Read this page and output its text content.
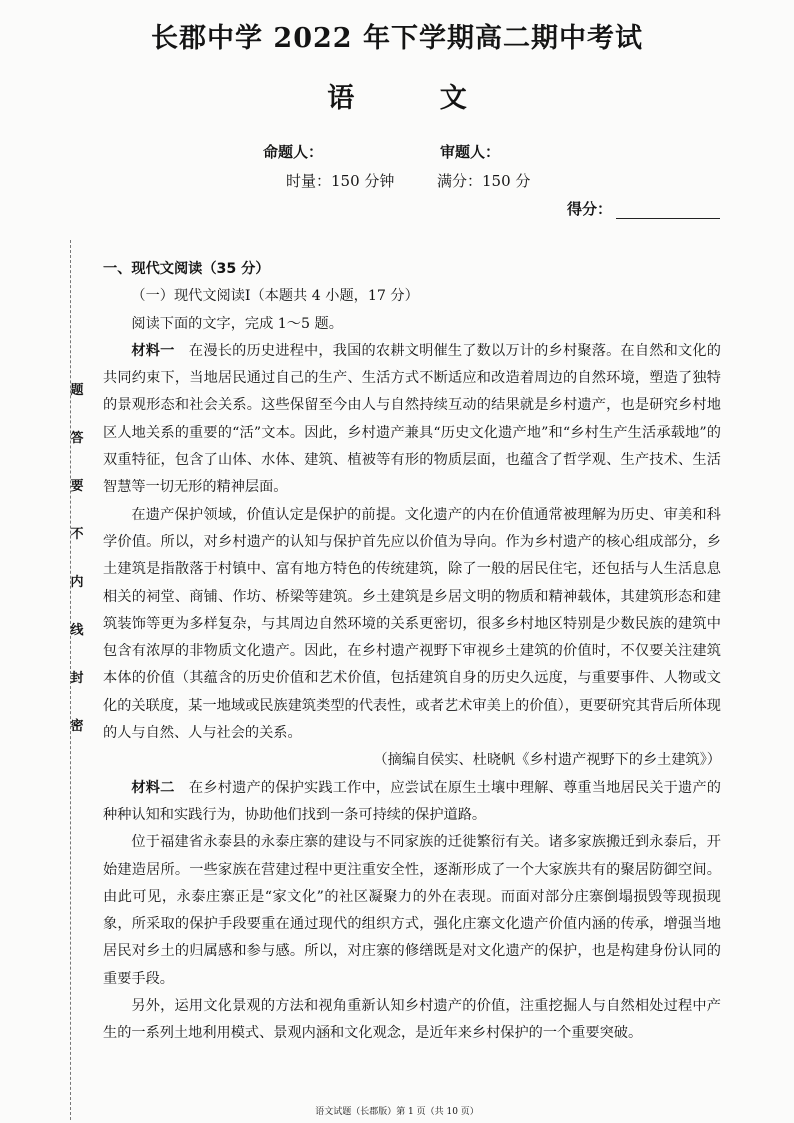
长郡中学 2022 年下学期高二期中考试
语 文
命题人：	审题人：
时量：150 分钟	满分：150 分
得分：
题
答
要
不
内
线
封
密

一、现代文阅读（35 分）

（一）现代文阅读Ⅰ（本题共 4 小题，17 分）

阅读下面的文字，完成 1～5 题。

材料一  在漫长的历史进程中，我国的农耕文明催生了数以万计的乡村聚落。在自然和文化的共同约束下，当地居民通过自己的生产、生活方式不断适应和改造着周边的自然环境，塑造了独特的景观形态和社会关系。这些保留至今由人与自然持续互动的结果就是乡村遗产，也是研究乡村地区人地关系的重要的“活”文本。因此，乡村遗产兼具“历史文化遗产地”和“乡村生产生活承载地”的双重特征，包含了山体、水体、建筑、植被等有形的物质层面，也蕴含了哲学观、生产技术、生活智慧等一切无形的精神层面。

在遗产保护领域，价值认定是保护的前提。文化遗产的内在价值通常被理解为历史、审美和科学价值。所以，对乡村遗产的认知与保护首先应以价值为导向。作为乡村遗产的核心组成部分，乡土建筑是指散落于村镇中、富有地方特色的传统建筑，除了一般的居民住宅，还包括与人生活息息相关的祠堂、商铺、作坊、桥梁等建筑。乡土建筑是乡居文明的物质和精神载体，其建筑形态和建筑装饰等更为多样复杂，与其周边自然环境的关系更密切，很多乡村地区特别是少数民族的建筑中包含有浓厚的非物质文化遗产。因此，在乡村遗产视野下审视乡土建筑的价值时，不仅要关注建筑本体的价值（其蕴含的历史价值和艺术价值，包括建筑自身的历史久远度，与重要事件、人物或文化的关联度，某一地域或民族建筑类型的代表性，或者艺术审美上的价值），更要研究其背后所体现的人与自然、人与社会的关系。

（摘编自侯实、杜晓帆《乡村遗产视野下的乡土建筑》）

材料二  在乡村遗产的保护实践工作中，应尝试在原生土壤中理解、尊重当地居民关于遗产的种种认知和实践行为，协助他们找到一条可持续的保护道路。

位于福建省永泰县的永泰庄寨的建设与不同家族的迁徙繁衍有关。诸多家族搬迁到永泰后，开始建造居所。一些家族在营建过程中更注重安全性，逐渐形成了一个大家族共有的聚居防御空间。由此可见，永泰庄寨正是“家文化”的社区凝聚力的外在表现。而面对部分庄寨倒塌损毁等现损现象，所采取的保护手段要重在通过现代的组织方式，强化庄寨文化遗产价值内涵的传承，增强当地居民对乡土的归属感和参与感。所以，对庄寨的修缮既是对文化遗产的保护，也是构建身份认同的重要手段。

另外，运用文化景观的方法和视角重新认知乡村遗产的价值，注重挖掘人与自然相处过程中产生的一系列土地利用模式、景观内涵和文化观念，是近年来乡村保护的一个重要突破。

语文试题（长郡版）第 1 页（共 10 页）
